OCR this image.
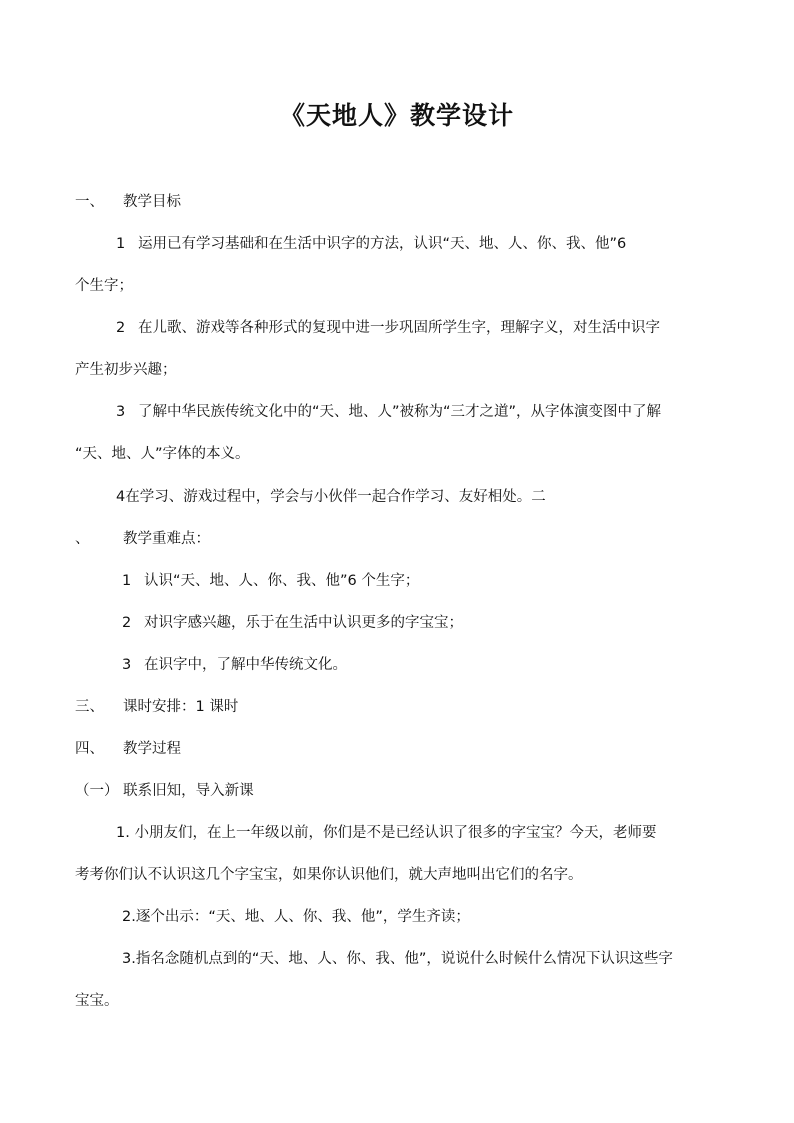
《天地人》教学设计
一、 教学目标
1 运用已有学习基础和在生活中识字的方法，认识“天、地、人、你、我、他”6
个生字；
2 在儿歌、游戏等各种形式的复现中进一步巩固所学生字，理解字义，对生活中识字
产生初步兴趣；
3 了解中华民族传统文化中的“天、地、人”被称为“三才之道”，从字体演变图中了解
“天、地、人”字体的本义。
4在学习、游戏过程中，学会与小伙伴一起合作学习、友好相处。二
、 教学重难点：
1 认识“天、地、人、你、我、他”6 个生字；
2 对识字感兴趣，乐于在生活中认识更多的字宝宝；
3 在识字中，了解中华传统文化。
三、 课时安排：1 课时
四、 教学过程
（一） 联系旧知，导入新课
1. 小朋友们，在上一年级以前，你们是不是已经认识了很多的字宝宝？今天，老师要
考考你们认不认识这几个字宝宝，如果你认识他们，就大声地叫出它们的名字。
2.逐个出示：“天、地、人、你、我、他”，学生齐读；
3.指名念随机点到的“天、地、人、你、我、他”，说说什么时候什么情况下认识这些字
宝宝。
